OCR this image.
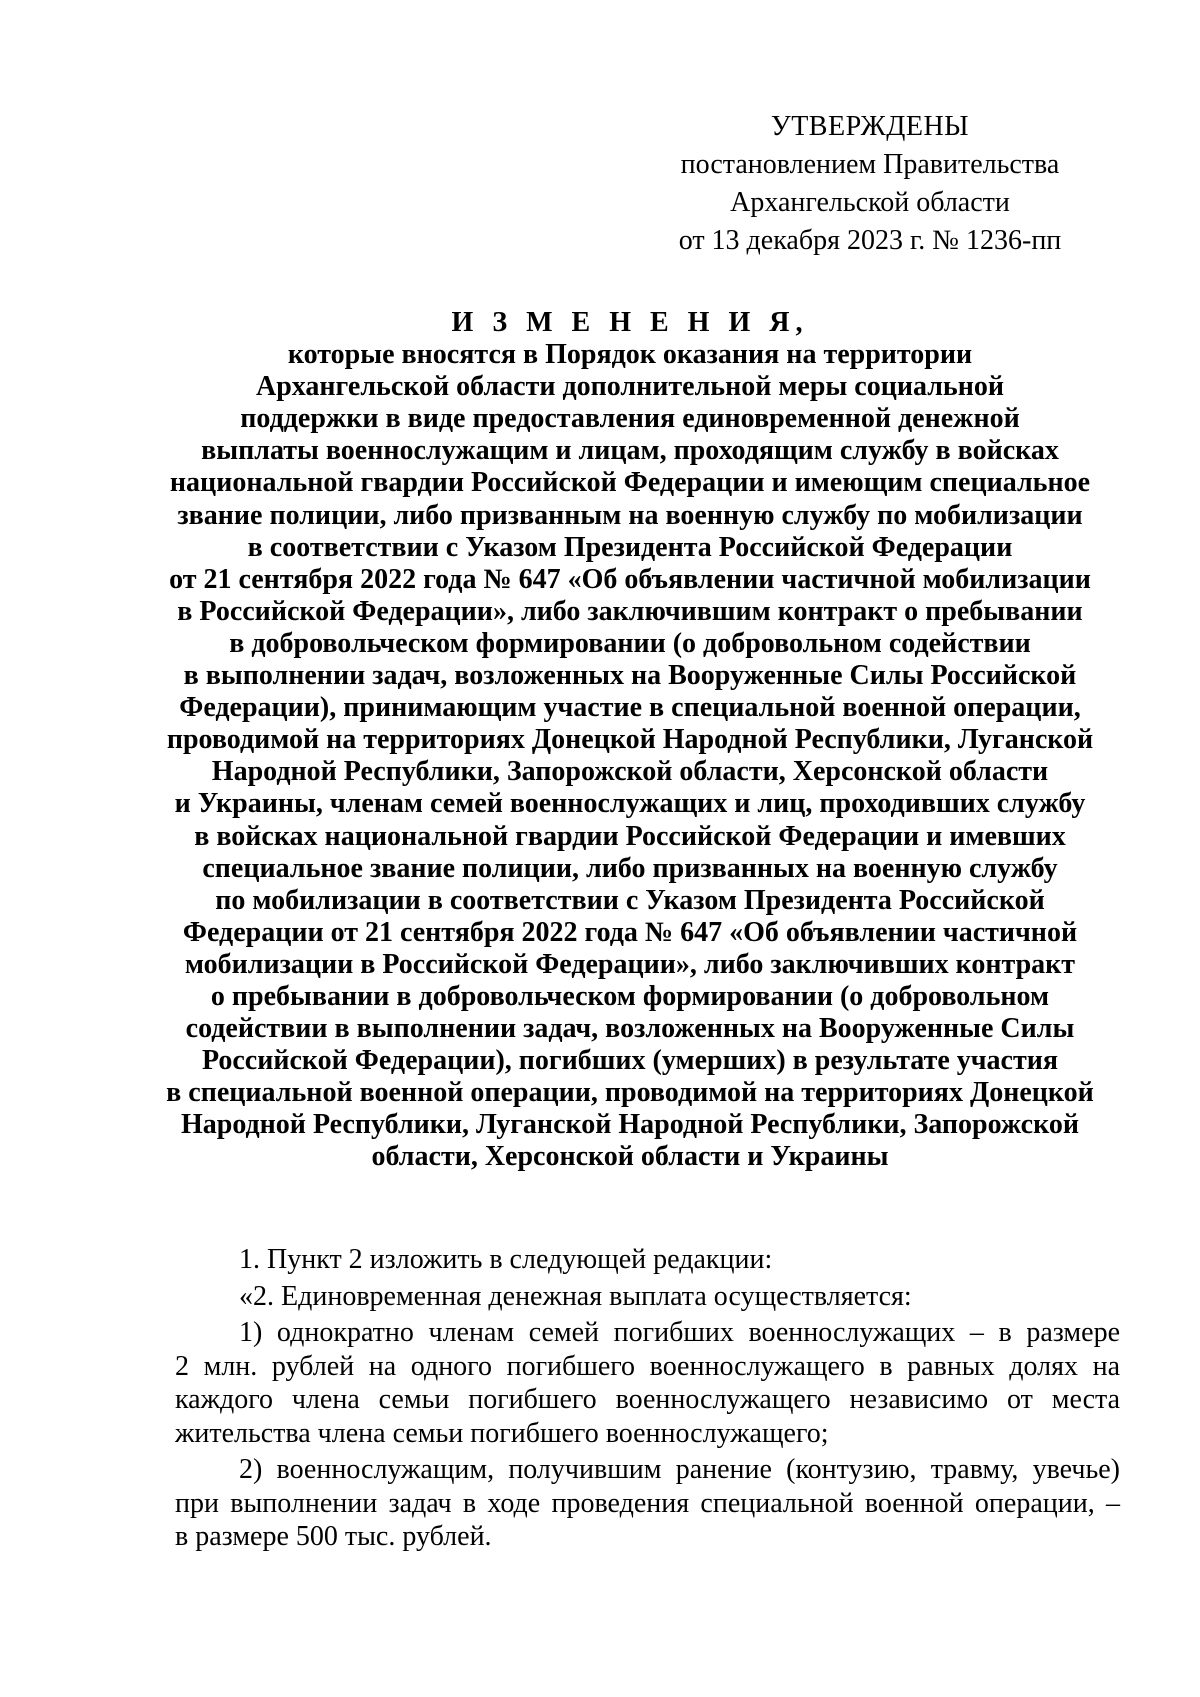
УТВЕРЖДЕНЫ
постановлением Правительства
Архангельской области
от 13 декабря 2023 г. № 1236-пп
И З М Е Н Е Н И Я,
которые вносятся в Порядок оказания на территории
Архангельской области дополнительной меры социальной
поддержки в виде предоставления единовременной денежной
выплаты военнослужащим и лицам, проходящим службу в войсках
национальной гвардии Российской Федерации и имеющим специальное
звание полиции, либо призванным на военную службу по мобилизации
в соответствии с Указом Президента Российской Федерации
от 21 сентября 2022 года № 647 «Об объявлении частичной мобилизации
в Российской Федерации», либо заключившим контракт о пребывании
в добровольческом формировании (о добровольном содействии
в выполнении задач, возложенных на Вооруженные Силы Российской
Федерации), принимающим участие в специальной военной операции,
проводимой на территориях Донецкой Народной Республики, Луганской
Народной Республики, Запорожской области, Херсонской области
и Украины, членам семей военнослужащих и лиц, проходивших службу
в войсках национальной гвардии Российской Федерации и имевших
специальное звание полиции, либо призванных на военную службу
по мобилизации в соответствии с Указом Президента Российской
Федерации от 21 сентября 2022 года № 647 «Об объявлении частичной
мобилизации в Российской Федерации», либо заключивших контракт
о пребывании в добровольческом формировании (о добровольном
содействии в выполнении задач, возложенных на Вооруженные Силы
Российской Федерации), погибших (умерших) в результате участия
в специальной военной операции, проводимой на территориях Донецкой
Народной Республики, Луганской Народной Республики, Запорожской
области, Херсонской области и Украины
1. Пункт 2 изложить в следующей редакции:
«2. Единовременная денежная выплата осуществляется:
1) однократно членам семей погибших военнослужащих – в размере
2 млн. рублей на одного погибшего военнослужащего в равных долях на
каждого члена семьи погибшего военнослужащего независимо от места
жительства члена семьи погибшего военнослужащего;
2) военнослужащим, получившим ранение (контузию, травму, увечье)
при выполнении задач в ходе проведения специальной военной операции, –
в размере 500 тыс. рублей.
